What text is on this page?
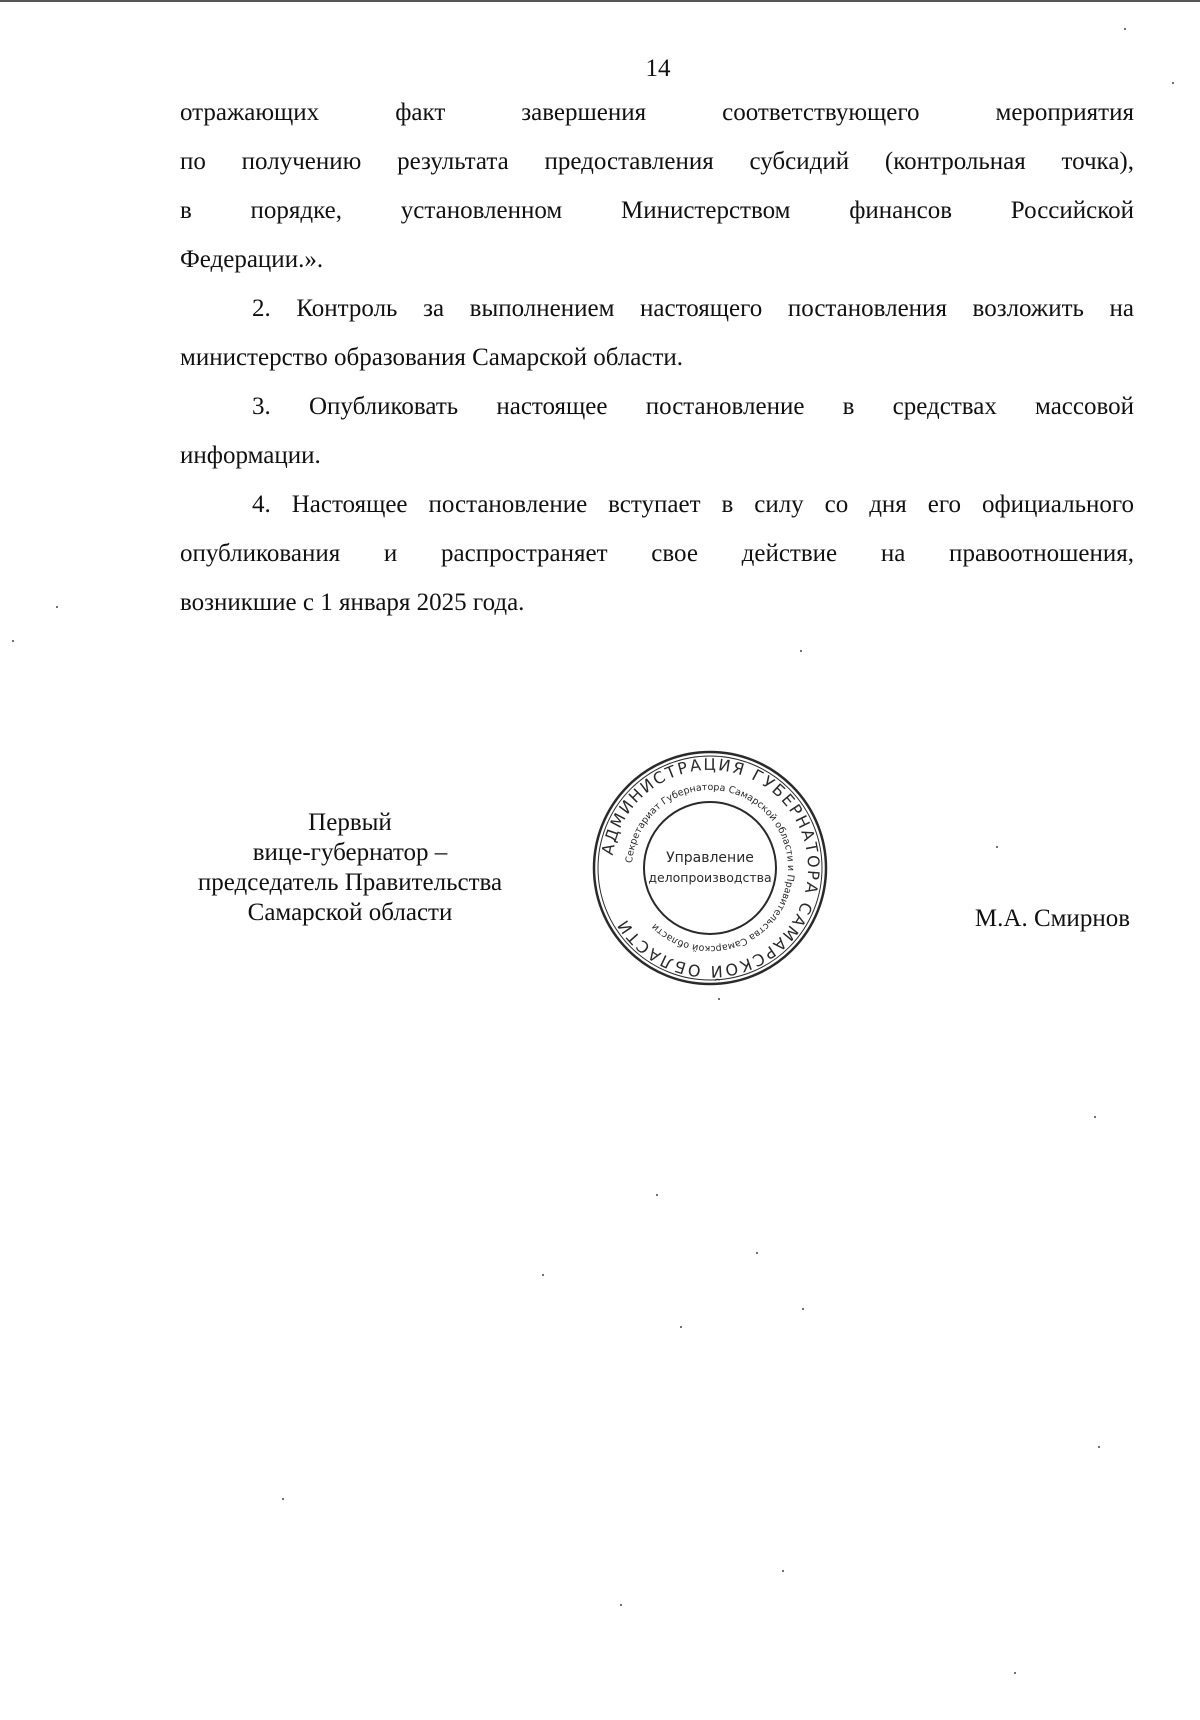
14

отражающих факт завершения соответствующего мероприятия

по получению результата предоставления субсидий (контрольная точка),

в порядке, установленном Министерством финансов Российской

Федерации.».

2. Контроль за выполнением настоящего постановления возложить на

министерство образования Самарской области.

3. Опубликовать настоящее постановление в средствах массовой

информации.

4. Настоящее постановление вступает в силу со дня его официального

опубликования и распространяет свое действие на правоотношения,

возникшие с 1 января 2025 года.

Первый
вице-губернатор –
председатель Правительства
Самарской области
АДМИНИСТРАЦИЯ ГУБЕРНАТОРА САМАРСКОЙ ОБЛАСТИ
Секретариат Губернатора Самарской области и Правительства Самарской области
Управление
делопроизводства
М.А. Смирнов
